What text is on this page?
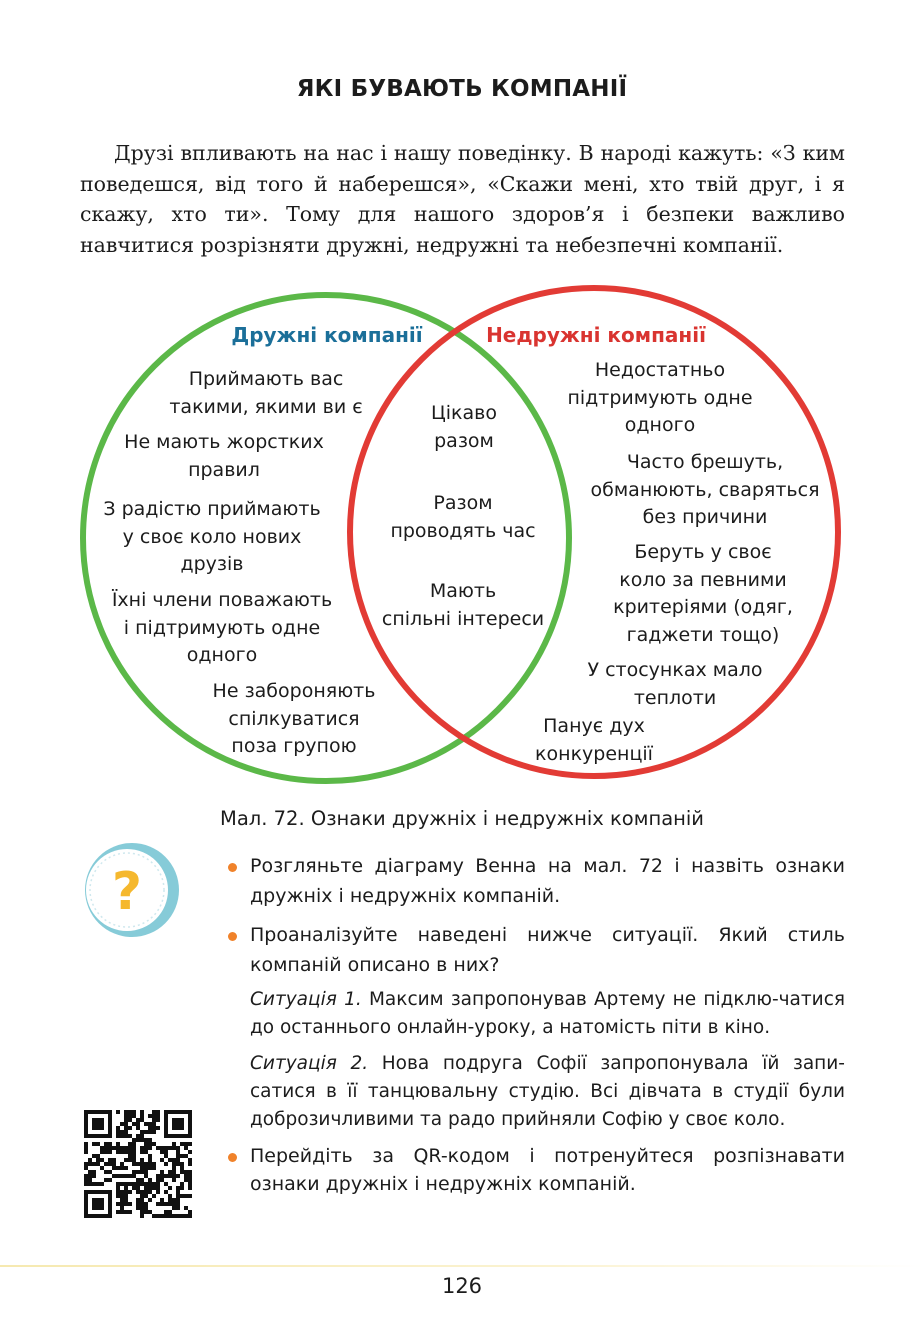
ЯКІ БУВАЮТЬ КОМПАНІЇ

Друзі впливають на нас і нашу поведінку. В народі кажуть: «З ким поведешся, від того й наберешся», «Скажи мені, хто твій друг, і я скажу, хто ти». Тому для нашого здоров’я і безпеки важливо навчитися розрізняти дружні, недружні та небезпечні компанії.

Дружні компанії	Недружні компанії
Приймають вас
такими, якими ви є
Не мають жорстких
правил
З радістю приймають
у своє коло нових
друзів
Їхні члени поважають
і підтримують одне
одного
Не забороняють
спілкуватися
поза групою
Цікаво
разом
Разом
проводять час
Мають
спільні інтереси
Недостатньо
підтримують одне
одного
Часто брешуть,
обманюють, сваряться
без причини
Беруть у своє
коло за певними
критеріями (одяг,
гаджети тощо)
У стосунках мало
теплоти
Панує дух
конкуренції
Мал. 72. Ознаки дружніх і недружніх компаній
?	Розгляньте діаграму Венна на мал. 72 і назвіть ознаки дружніх і недружніх компаній.
Проаналізуйте наведені нижче ситуації. Який стиль компаній описано в них?
Ситуація 1. Максим запропонував Артему не підклю-чатися до останнього онлайн-уроку, а натомість піти в кіно.
Ситуація 2. Нова подруга Софії запропонувала їй запи-сатися в її танцювальну студію. Всі дівчата в студії були доброзичливими та радо прийняли Софію у своє коло.
Перейдіть за QR-кодом і потренуйтеся розпізнавати ознаки дружніх і недружніх компаній.
126
